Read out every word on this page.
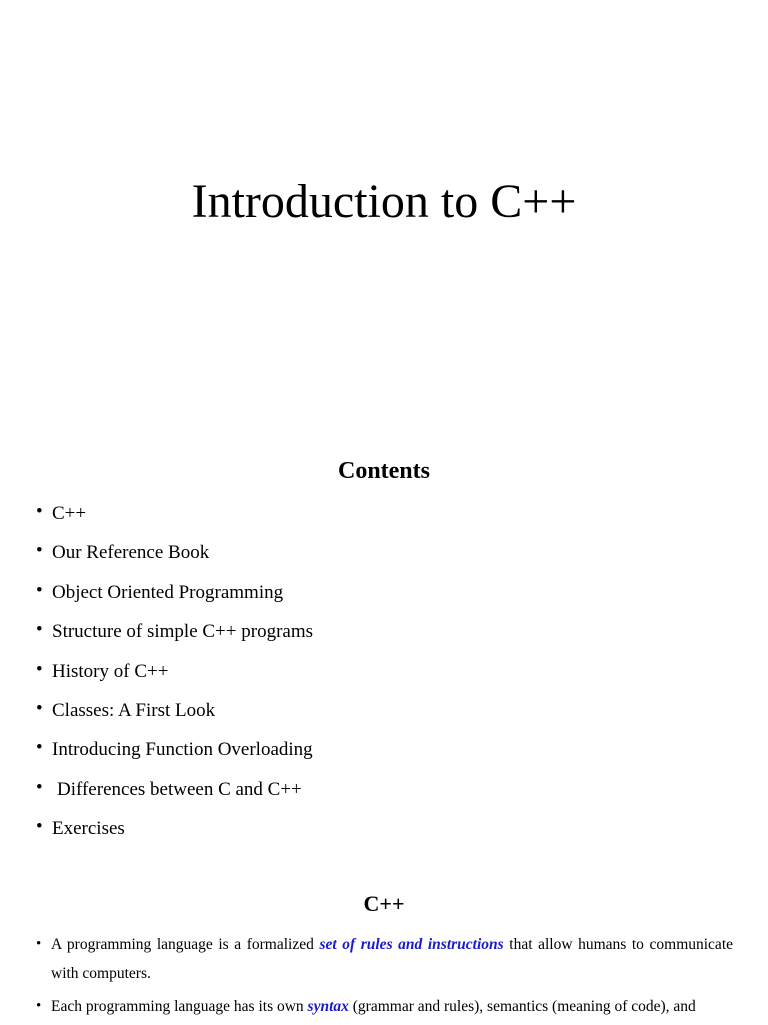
Introduction to C++
Contents
• C++
• Our Reference Book
• Object Oriented Programming
• Structure of simple C++ programs
• History of C++
• Classes: A First Look
• Introducing Function Overloading
• Differences between C and C++
• Exercises
C++
• A programming language is a formalized set of rules and instructions that allow humans to communicate with computers.
• Each programming language has its own syntax (grammar and rules), semantics (meaning of code), and
